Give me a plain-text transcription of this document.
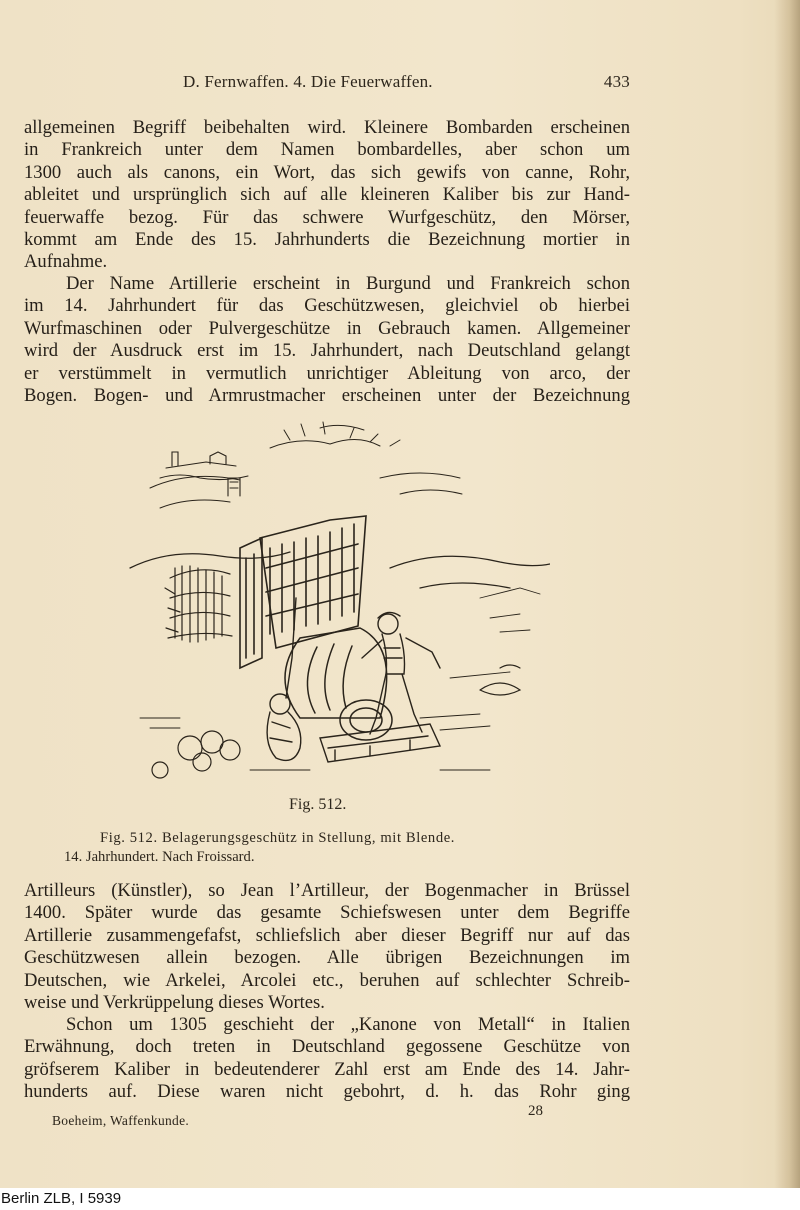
D. Fernwaffen. 4. Die Feuerwaffen.	433
allgemeinen Begriff beibehalten wird. Kleinere Bombarden erscheinen
in Frankreich unter dem Namen bombardelles, aber schon um
1300 auch als canons, ein Wort, das sich gewifs von canne, Rohr,
ableitet und ursprünglich sich auf alle kleineren Kaliber bis zur Hand-
feuerwaffe bezog. Für das schwere Wurfgeschütz, den Mörser,
kommt am Ende des 15. Jahrhunderts die Bezeichnung mortier in
Aufnahme.
Der Name Artillerie erscheint in Burgund und Frankreich schon
im 14. Jahrhundert für das Geschützwesen, gleichviel ob hierbei
Wurfmaschinen oder Pulvergeschütze in Gebrauch kamen. Allgemeiner
wird der Ausdruck erst im 15. Jahrhundert, nach Deutschland gelangt
er verstümmelt in vermutlich unrichtiger Ableitung von arco, der
Bogen. Bogen- und Armrustmacher erscheinen unter der Bezeichnung
Fig. 512.
Fig. 512. Belagerungsgeschütz in Stellung, mit Blende.
14. Jahrhundert. Nach Froissard.
Artilleurs (Künstler), so Jean l’Artilleur, der Bogenmacher in Brüssel
1400. Später wurde das gesamte Schiefswesen unter dem Begriffe
Artillerie zusammengefafst, schliefslich aber dieser Begriff nur auf das
Geschützwesen allein bezogen. Alle übrigen Bezeichnungen im
Deutschen, wie Arkelei, Arcolei etc., beruhen auf schlechter Schreib-
weise und Verkrüppelung dieses Wortes.
Schon um 1305 geschieht der „Kanone von Metall“ in Italien
Erwähnung, doch treten in Deutschland gegossene Geschütze von
gröfserem Kaliber in bedeutenderer Zahl erst am Ende des 14. Jahr-
hunderts auf. Diese waren nicht gebohrt, d. h. das Rohr ging
Boeheim, Waffenkunde.
28
Berlin ZLB, I 5939
